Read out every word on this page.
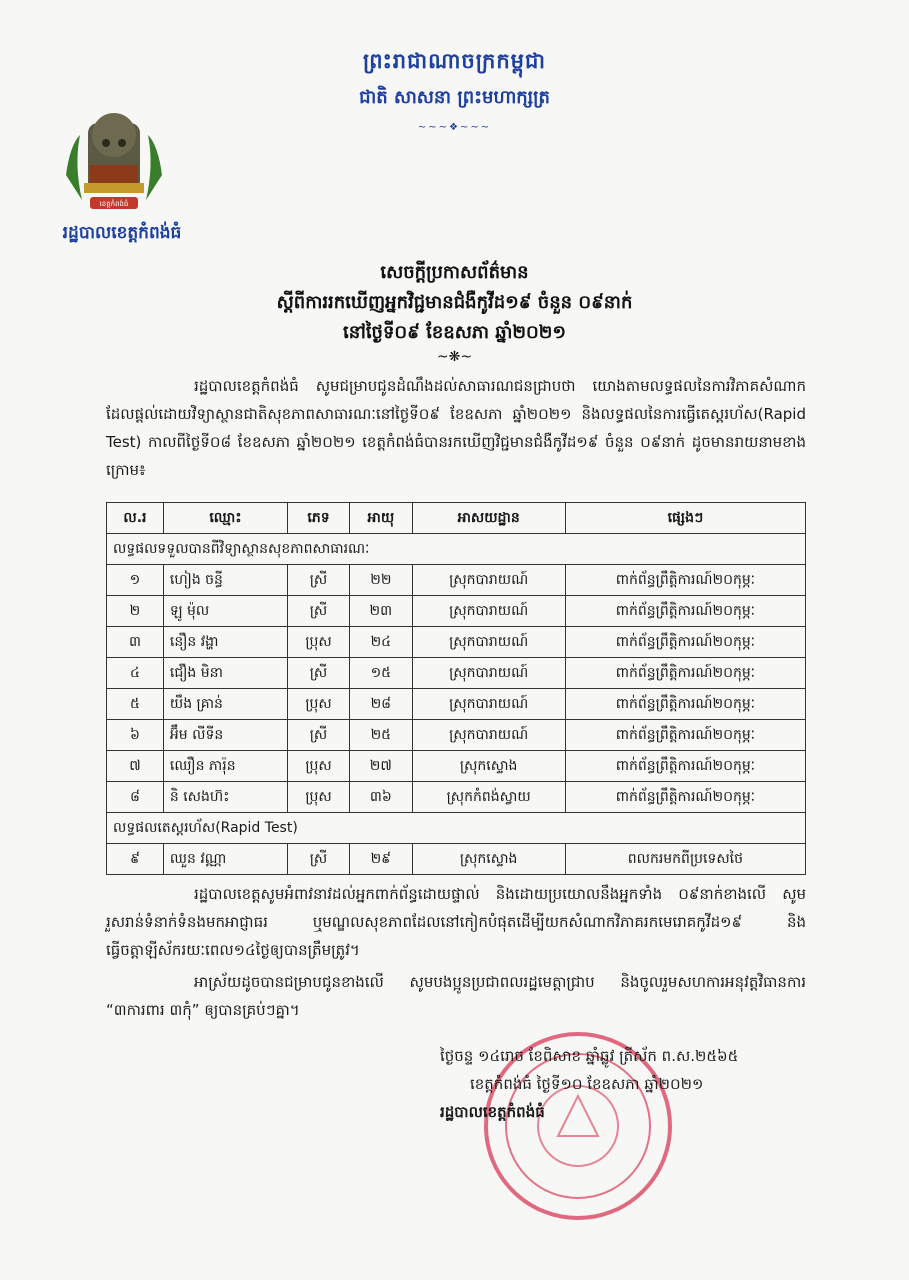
ព្រះរាជាណាចក្រកម្ពុជា
ជាតិ សាសនា ព្រះមហាក្សត្រ
~~~❖~~~
ខេត្តកំពង់ធំ
រដ្ឋបាលខេត្តកំពង់ធំ
សេចក្ដីប្រកាសព័ត៌មាន
ស្ដីពីការរកឃើញអ្នកវិជ្ជមានជំងឺកូវីដ១៩ ចំនួន ០៩នាក់
នៅថ្ងៃទី០៩ ខែឧសភា ឆ្នាំ២០២១
~❋~
រដ្ឋបាលខេត្តកំពង់ធំ សូមជម្រាបជូនដំណឹងដល់សាធារណជនជ្រាបថា យោងតាមលទ្ធផលនៃការវិភាគសំណាកដែលផ្ដល់ដោយវិទ្យាស្ថានជាតិសុខភាពសាធារណៈនៅថ្ងៃទី០៩ ខែឧសភា ឆ្នាំ២០២១ និងលទ្ធផលនៃការធ្វើតេស្តរហ័ស(Rapid Test) កាលពីថ្ងៃទី០៨ ខែឧសភា ឆ្នាំ២០២១ ខេត្តកំពង់ធំបានរកឃើញវិជ្ជមានជំងឺកូវីដ១៩ ចំនួន ០៩នាក់ ដូចមានរាយនាមខាងក្រោម៖
ល.រ	ឈ្មោះ	ភេទ	អាយុ	អាសយដ្ឋាន	ផ្សេងៗ
លទ្ធផលទទួលបានពីវិទ្យាស្ថានសុខភាពសាធារណៈ					
១	ហៀង ចន្ធី	ស្រី	២២	ស្រុកបារាយណ៍	ពាក់ព័ន្ធព្រឹត្តិការណ៍២០កុម្ភៈ
២	ឡូ ម៉ុល	ស្រី	២៣	ស្រុកបារាយណ៍	ពាក់ព័ន្ធព្រឹត្តិការណ៍២០កុម្ភៈ
៣	នឿន វង្ហា	ប្រុស	២៤	ស្រុកបារាយណ៍	ពាក់ព័ន្ធព្រឹត្តិការណ៍២០កុម្ភៈ
៤	ជឿង មិនា	ស្រី	១៥	ស្រុកបារាយណ៍	ពាក់ព័ន្ធព្រឹត្តិការណ៍២០កុម្ភៈ
៥	យឹង គ្រាន់	ប្រុស	២៨	ស្រុកបារាយណ៍	ពាក់ព័ន្ធព្រឹត្តិការណ៍២០កុម្ភៈ
៦	អ៊ឹម លីទីន	ស្រី	២៥	ស្រុកបារាយណ៍	ពាក់ព័ន្ធព្រឹត្តិការណ៍២០កុម្ភៈ
៧	ឈឿន ភារ៉ុន	ប្រុស	២៧	ស្រុកស្ទោង	ពាក់ព័ន្ធព្រឹត្តិការណ៍២០កុម្ភៈ
៨	និ សេងហ៊ះ	ប្រុស	៣៦	ស្រុកកំពង់ស្វាយ	ពាក់ព័ន្ធព្រឹត្តិការណ៍២០កុម្ភៈ
លទ្ធផលតេស្តរហ័ស(Rapid Test)					
៩	ឈួន វណ្ណា	ស្រី	២៩	ស្រុកស្ទោង	ពលករមកពីប្រទេសថៃ
រដ្ឋបាលខេត្តសូមអំពាវនាវដល់អ្នកពាក់ព័ន្ធដោយផ្ទាល់ និងដោយប្រយោលនឹងអ្នកទាំង ០៩នាក់ខាងលើ សូមរួសរាន់ទំនាក់ទំនងមកអាជ្ញាធរ ឬមណ្ឌលសុខភាពដែលនៅកៀកបំផុតដើម្បីយកសំណាកវិភាគរកមេរោគកូវីដ១៩ និងធ្វើចត្តាឡីស័ករយៈពេល១៤ថ្ងៃឲ្យបានត្រឹមត្រូវ។
អាស្រ័យដូចបានជម្រាបជូនខាងលើ សូមបងប្អូនប្រជាពលរដ្ឋមេត្តាជ្រាប និងចូលរួមសហការអនុវត្តវិធានការ “៣ការពារ ៣កុំ” ឲ្យបានគ្រប់ៗគ្នា។
ថ្ងៃចន្ទ ១៤រោច ខែពិសាខ ឆ្នាំឆ្លូវ ត្រីស័ក ព.ស.២៥៦៥
ខេត្តកំពង់ធំ ថ្ងៃទី១០ ខែឧសភា ឆ្នាំ២០២១
រដ្ឋបាលខេត្តកំពង់ធំ
